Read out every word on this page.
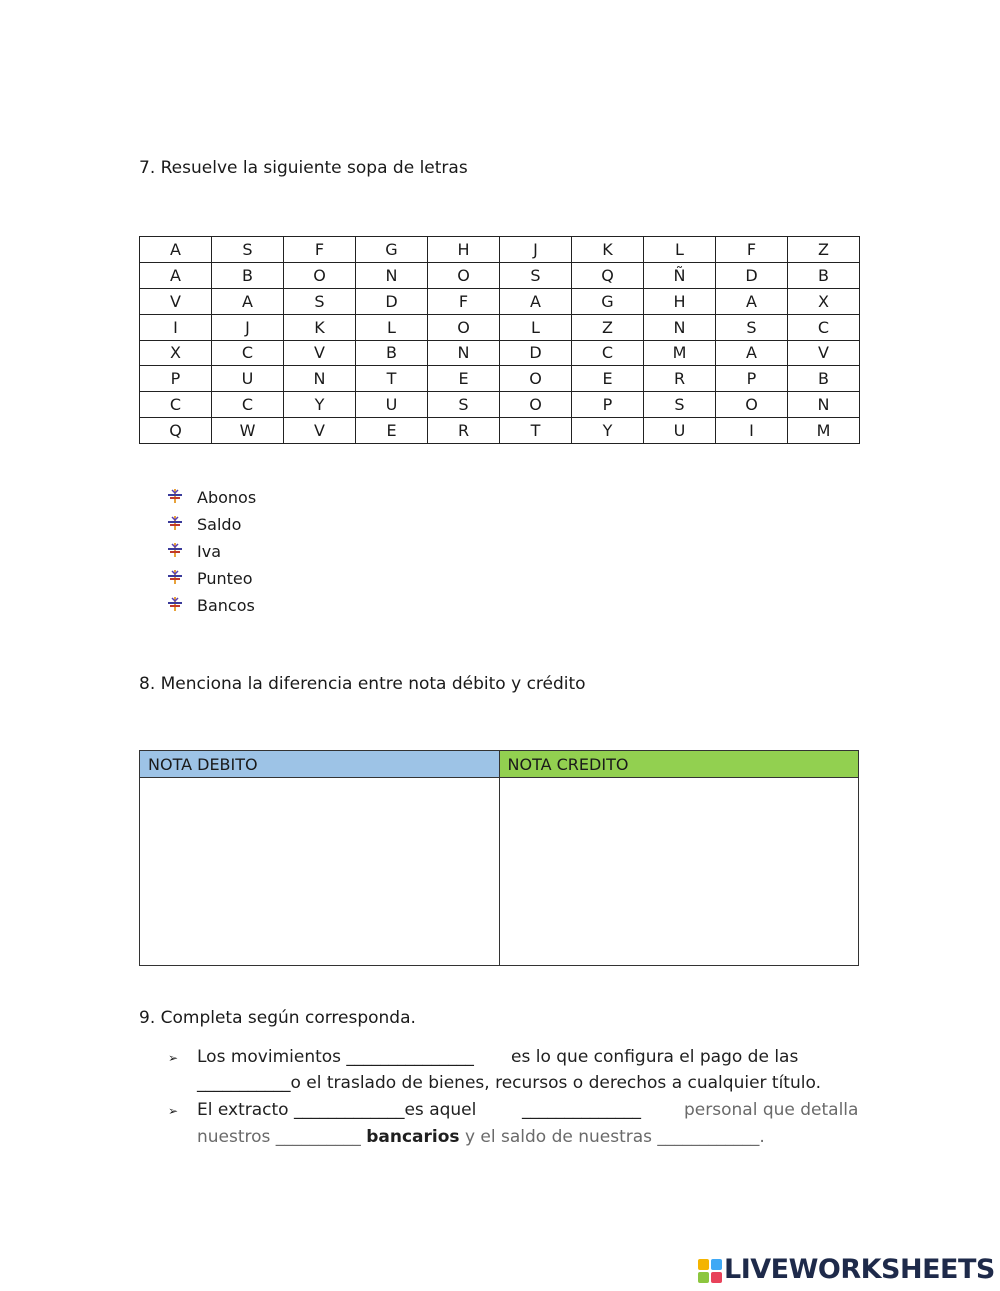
7. Resuelve la siguiente sopa de letras
A	S	F	G	H	J	K	L	F	Z
A	B	O	N	O	S	Q	Ñ	D	B
V	A	S	D	F	A	G	H	A	X
I	J	K	L	O	L	Z	N	S	C
X	C	V	B	N	D	C	M	A	V
P	U	N	T	E	O	E	R	P	B
C	C	Y	U	S	O	P	S	O	N
Q	W	V	E	R	T	Y	U	I	M
Abonos
Saldo
Iva
Punteo
Bancos
8. Menciona la diferencia entre nota débito y crédito
NOTA DEBITO	NOTA CREDITO

9. Completa según corresponda.
➢ Los movimientos _______________ es lo que configura el pago de las
___________o el traslado de bienes, recursos o derechos a cualquier título.
➢ El extracto _____________es aquel	______________	personal que detalla
nuestros __________ bancarios y el saldo de nuestras ____________.
LIVEWORKSHEETS
